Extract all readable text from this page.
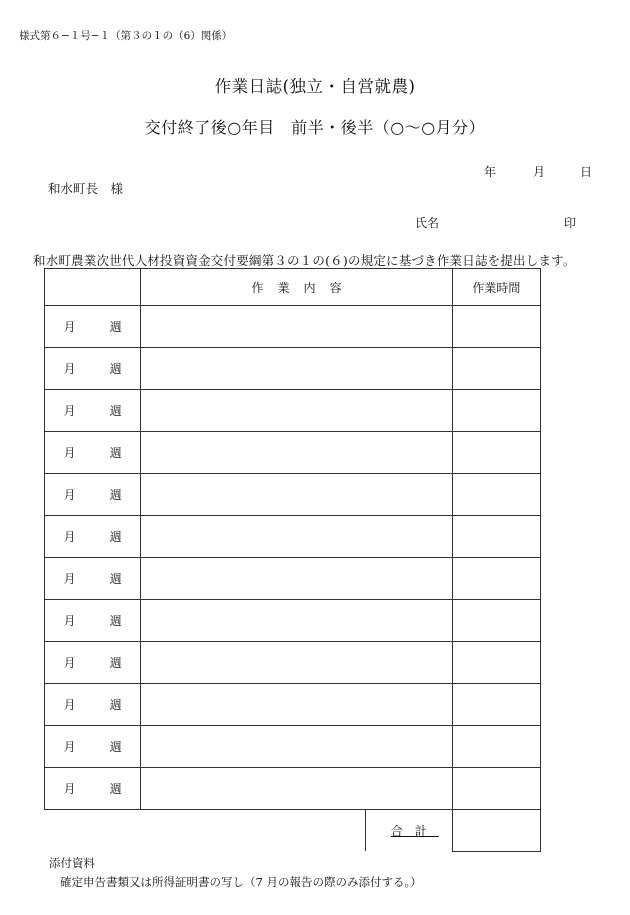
様式第６−１号−１（第３の１の（6）関係）
作業日誌(独立・自営就農)
交付終了後○年目　前半・後半（○〜○月分）
年	月	日
和水町長　様
氏名	印
和水町農業次世代人材投資資金交付要綱第３の１の(６)の規定に基づき作業日誌を提出します。
	作業内容	作業時間
月 週		
月 週		
月 週		
月 週		
月 週		
月 週		
月 週		
月 週		
月 週		
月 週		
月 週		
月 週		

	合計	

添付資料
確定申告書類又は所得証明書の写し（7 月の報告の際のみ添付する。）
